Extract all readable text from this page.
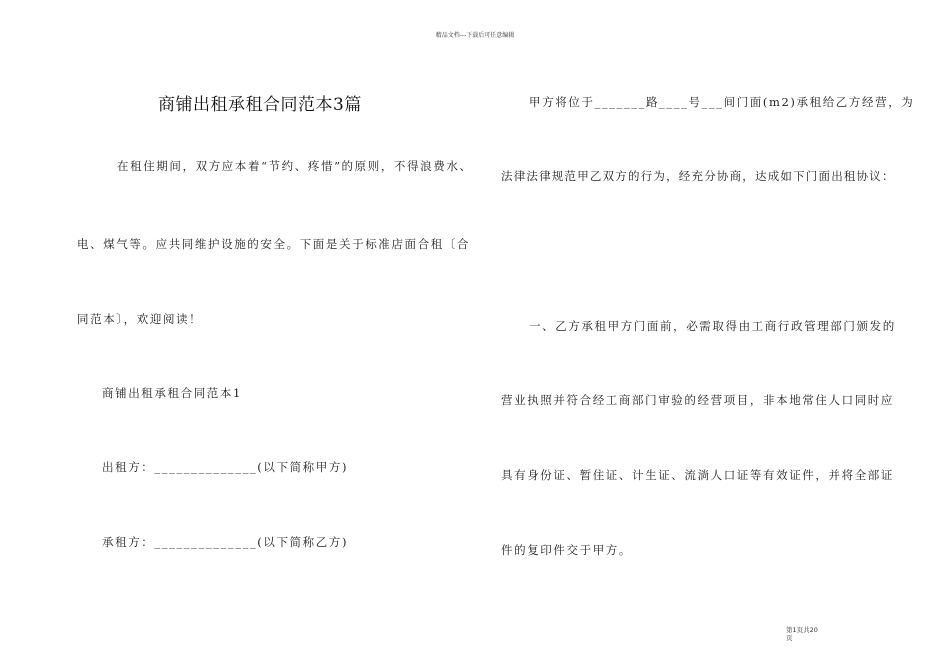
精品文档---下载后可任意编辑
商铺出租承租合同范本3篇
在租住期间，双方应本着“节约、疼惜”的原则，不得浪费水、
电、煤气等。应共同维护设施的安全。下面是关于标准店面合租〔合
同范本〕，欢迎阅读！
商铺出租承租合同范本1
出租方：______________(以下简称甲方)
承租方：______________(以下简称乙方)
甲方将位于_______路____号___间门面(m2)承租给乙方经营，为
法律法律规范甲乙双方的行为，经充分协商，达成如下门面出租协议：
一、乙方承租甲方门面前，必需取得由工商行政管理部门颁发的
营业执照并符合经工商部门审验的经营项目，非本地常住人口同时应
具有身份证、暂住证、计生证、流淌人口证等有效证件，并将全部证
件的复印件交于甲方。
第1页共20
页
